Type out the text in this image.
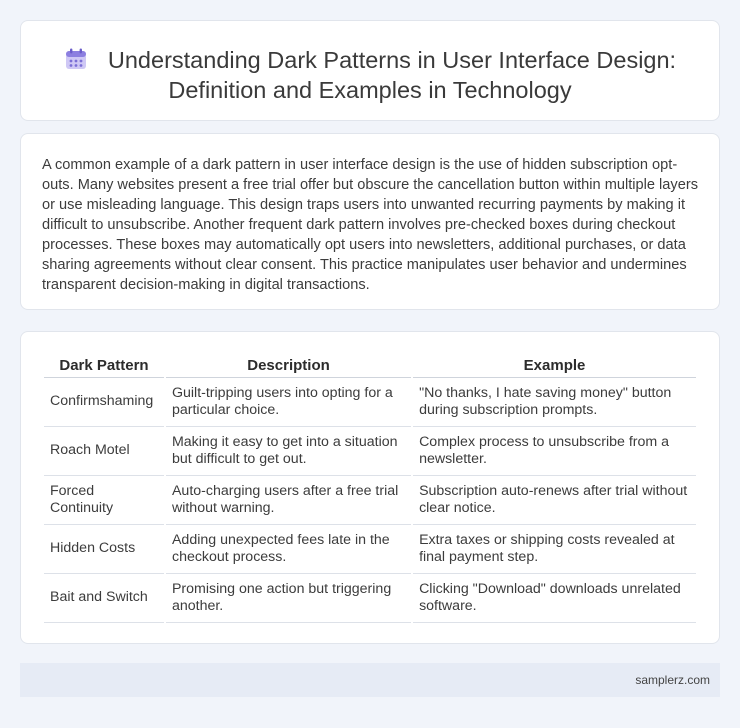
Understanding Dark Patterns in User Interface Design: Definition and Examples in Technology

A common example of a dark pattern in user interface design is the use of hidden subscription opt-outs. Many websites present a free trial offer but obscure the cancellation button within multiple layers or use misleading language. This design traps users into unwanted recurring payments by making it difficult to unsubscribe. Another frequent dark pattern involves pre-checked boxes during checkout processes. These boxes may automatically opt users into newsletters, additional purchases, or data sharing agreements without clear consent. This practice manipulates user behavior and undermines transparent decision-making in digital transactions.

Dark Pattern	Description	Example
Confirmshaming	Guilt-tripping users into opting for a particular choice.	"No thanks, I hate saving money" button during subscription prompts.
Roach Motel	Making it easy to get into a situation but difficult to get out.	Complex process to unsubscribe from a newsletter.
Forced Continuity	Auto-charging users after a free trial without warning.	Subscription auto-renews after trial without clear notice.
Hidden Costs	Adding unexpected fees late in the checkout process.	Extra taxes or shipping costs revealed at final payment step.
Bait and Switch	Promising one action but triggering another.	Clicking "Download" downloads unrelated software.
samplerz.com
